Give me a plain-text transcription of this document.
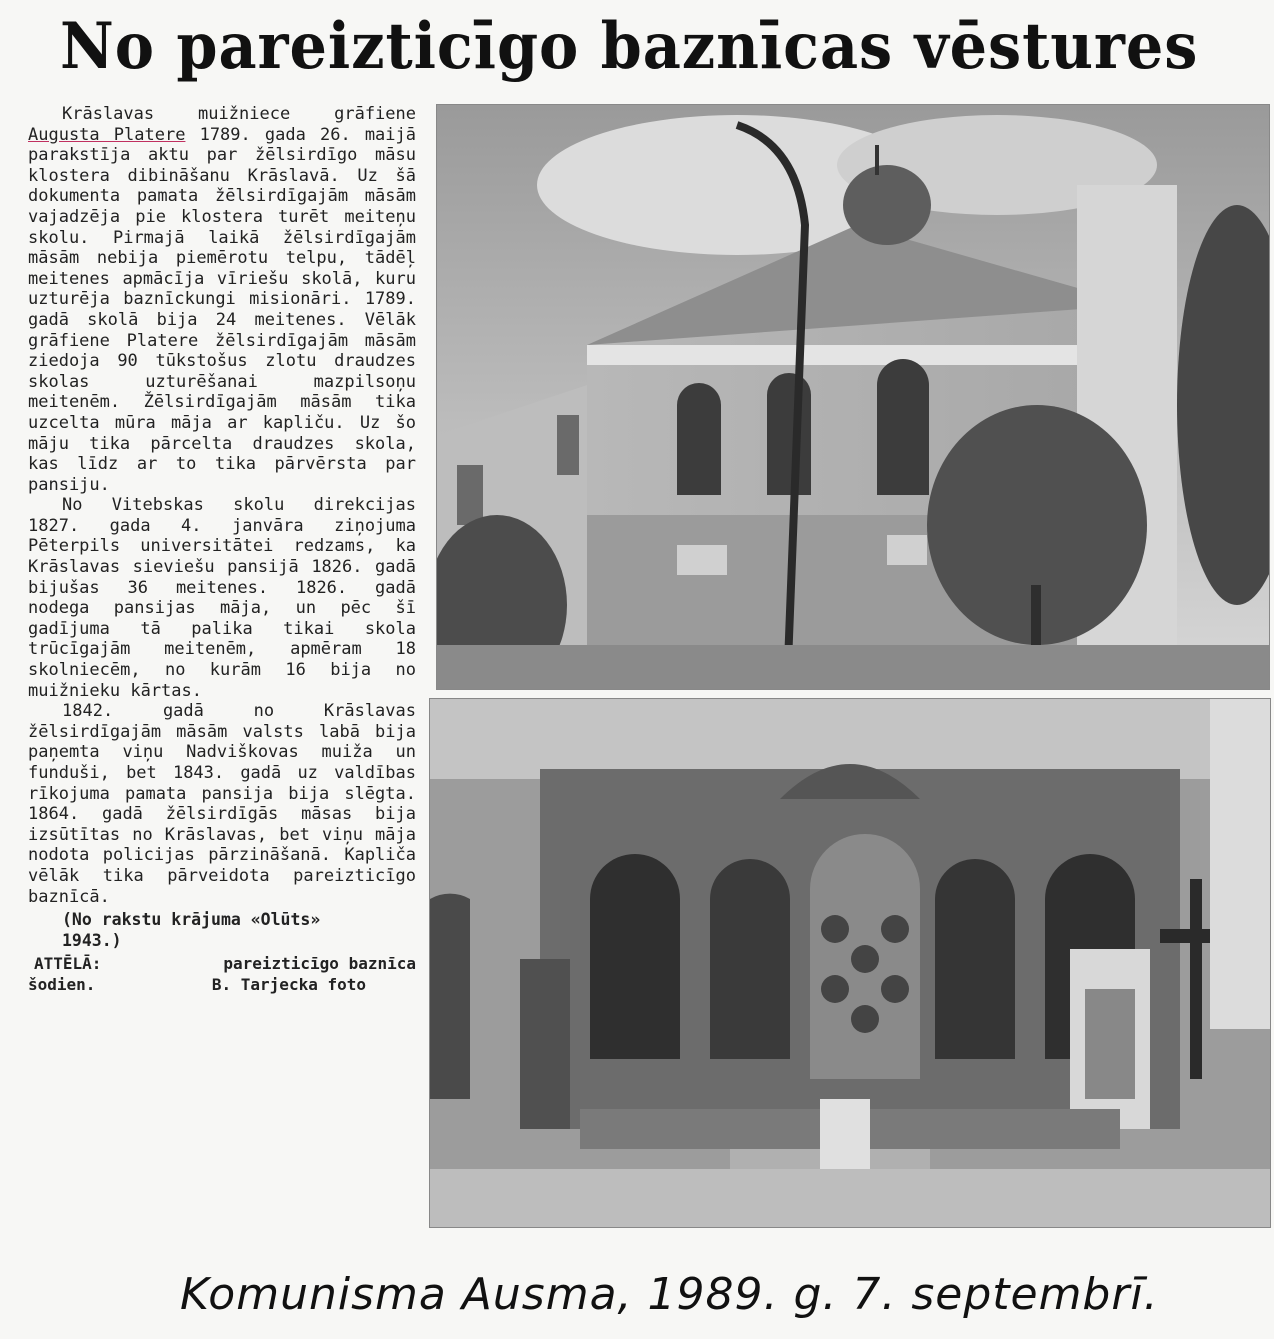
No pareizticīgo baznīcas vēstures

Krāslavas muižniece grāfiene Augusta Platere 1789. gada 26. maijā parakstīja aktu par žēlsirdīgo māsu klostera dibināšanu Krāslavā. Uz šā dokumenta pamata žēlsirdīgajām māsām vajadzēja pie klostera turēt meiteņu skolu. Pirmajā laikā žēlsirdīgajām māsām nebija piemērotu telpu, tādēļ meitenes apmācīja vīriešu skolā, kuru uzturēja baznīckungi misionāri. 1789. gadā skolā bija 24 meitenes. Vēlāk grāfiene Platere žēlsirdīgajām māsām ziedoja 90 tūkstošus zlotu draudzes skolas uzturēšanai mazpilsoņu meitenēm. Žēlsirdīgajām māsām tika uzcelta mūra māja ar kapliču. Uz šo māju tika pārcelta draudzes skola, kas līdz ar to tika pārvērsta par pansiju.

No Vitebskas skolu direkcijas 1827. gada 4. janvāra ziņojuma Pēterpils universitātei redzams, ka Krāslavas sieviešu pansijā 1826. gadā bijušas 36 meitenes. 1826. gadā nodega pansijas māja, un pēc šī gadījuma tā palika tikai skola trūcīgajām meitenēm, apmēram 18 skolniecēm, no kurām 16 bija no muižnieku kārtas.

1842. gadā no Krāslavas žēlsirdīgajām māsām valsts labā bija paņemta viņu Nadviškovas muiža un funduši, bet 1843. gadā uz valdības rīkojuma pamata pansija bija slēgta. 1864. gadā žēlsirdīgās māsas bija izsūtītas no Krāslavas, bet viņu māja nodota policijas pārzināšanā. Kapliča vēlāk tika pārveidota pareizticīgo baznīcā.

(No rakstu krājuma «Olūts»
1943.)
ATTĒLĀ:	pareizticīgo baznīca
šodien.	B. Tarjecka foto
Komunisma Ausma, 1989. g. 7. septembrī.
